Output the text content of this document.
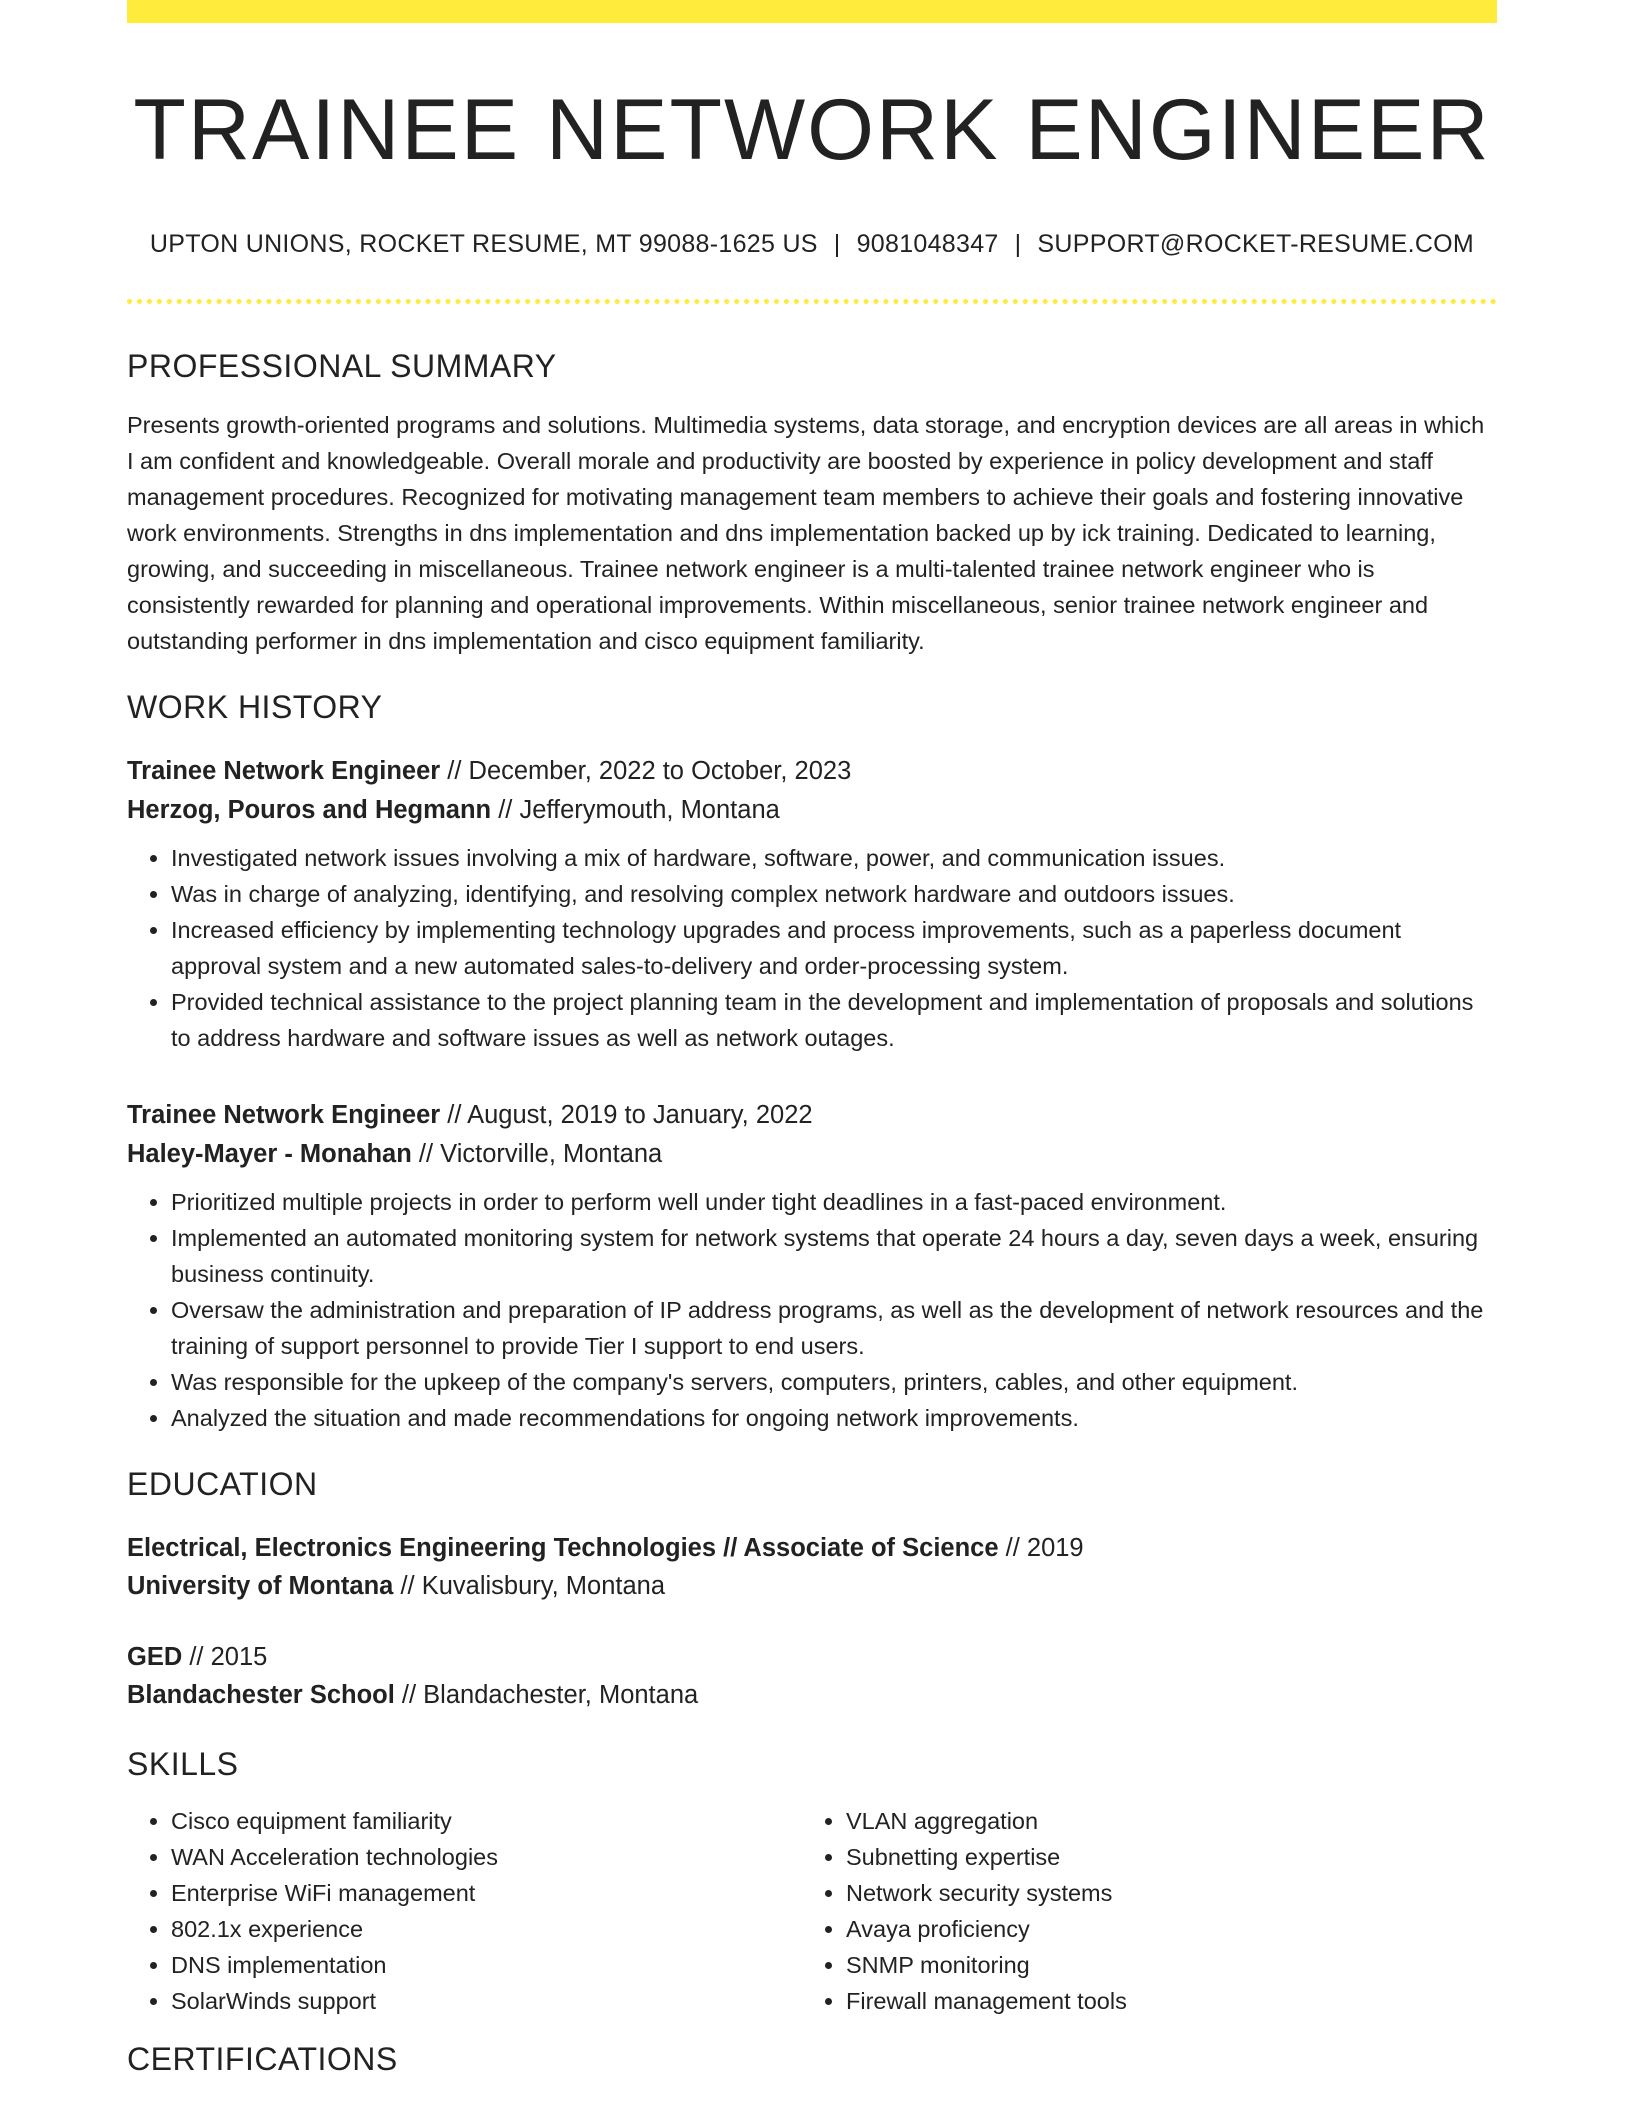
TRAINEE NETWORK ENGINEER
UPTON UNIONS, ROCKET RESUME, MT 99088-1625 US | 9081048347 | SUPPORT@ROCKET-RESUME.COM
PROFESSIONAL SUMMARY

Presents growth-oriented programs and solutions. Multimedia systems, data storage, and encryption devices are all areas in which I am confident and knowledgeable. Overall morale and productivity are boosted by experience in policy development and staff management procedures. Recognized for motivating management team members to achieve their goals and fostering innovative work environments. Strengths in dns implementation and dns implementation backed up by ick training. Dedicated to learning, growing, and succeeding in miscellaneous. Trainee network engineer is a multi-talented trainee network engineer who is consistently rewarded for planning and operational improvements. Within miscellaneous, senior trainee network engineer and outstanding performer in dns implementation and cisco equipment familiarity.

WORK HISTORY
Trainee Network Engineer // December, 2022 to October, 2023
Herzog, Pouros and Hegmann // Jefferymouth, Montana
• Investigated network issues involving a mix of hardware, software, power, and communication issues.
• Was in charge of analyzing, identifying, and resolving complex network hardware and outdoors issues.
• Increased efficiency by implementing technology upgrades and process improvements, such as a paperless document approval system and a new automated sales-to-delivery and order-processing system.
• Provided technical assistance to the project planning team in the development and implementation of proposals and solutions to address hardware and software issues as well as network outages.
Trainee Network Engineer // August, 2019 to January, 2022
Haley-Mayer - Monahan // Victorville, Montana
• Prioritized multiple projects in order to perform well under tight deadlines in a fast-paced environment.
• Implemented an automated monitoring system for network systems that operate 24 hours a day, seven days a week, ensuring business continuity.
• Oversaw the administration and preparation of IP address programs, as well as the development of network resources and the training of support personnel to provide Tier I support to end users.
• Was responsible for the upkeep of the company's servers, computers, printers, cables, and other equipment.
• Analyzed the situation and made recommendations for ongoing network improvements.
EDUCATION
Electrical, Electronics Engineering Technologies // Associate of Science // 2019
University of Montana // Kuvalisbury, Montana
GED // 2015
Blandachester School // Blandachester, Montana
SKILLS
• Cisco equipment familiarity
• WAN Acceleration technologies
• Enterprise WiFi management
• 802.1x experience
• DNS implementation
• SolarWinds support
• VLAN aggregation
• Subnetting expertise
• Network security systems
• Avaya proficiency
• SNMP monitoring
• Firewall management tools
CERTIFICATIONS
